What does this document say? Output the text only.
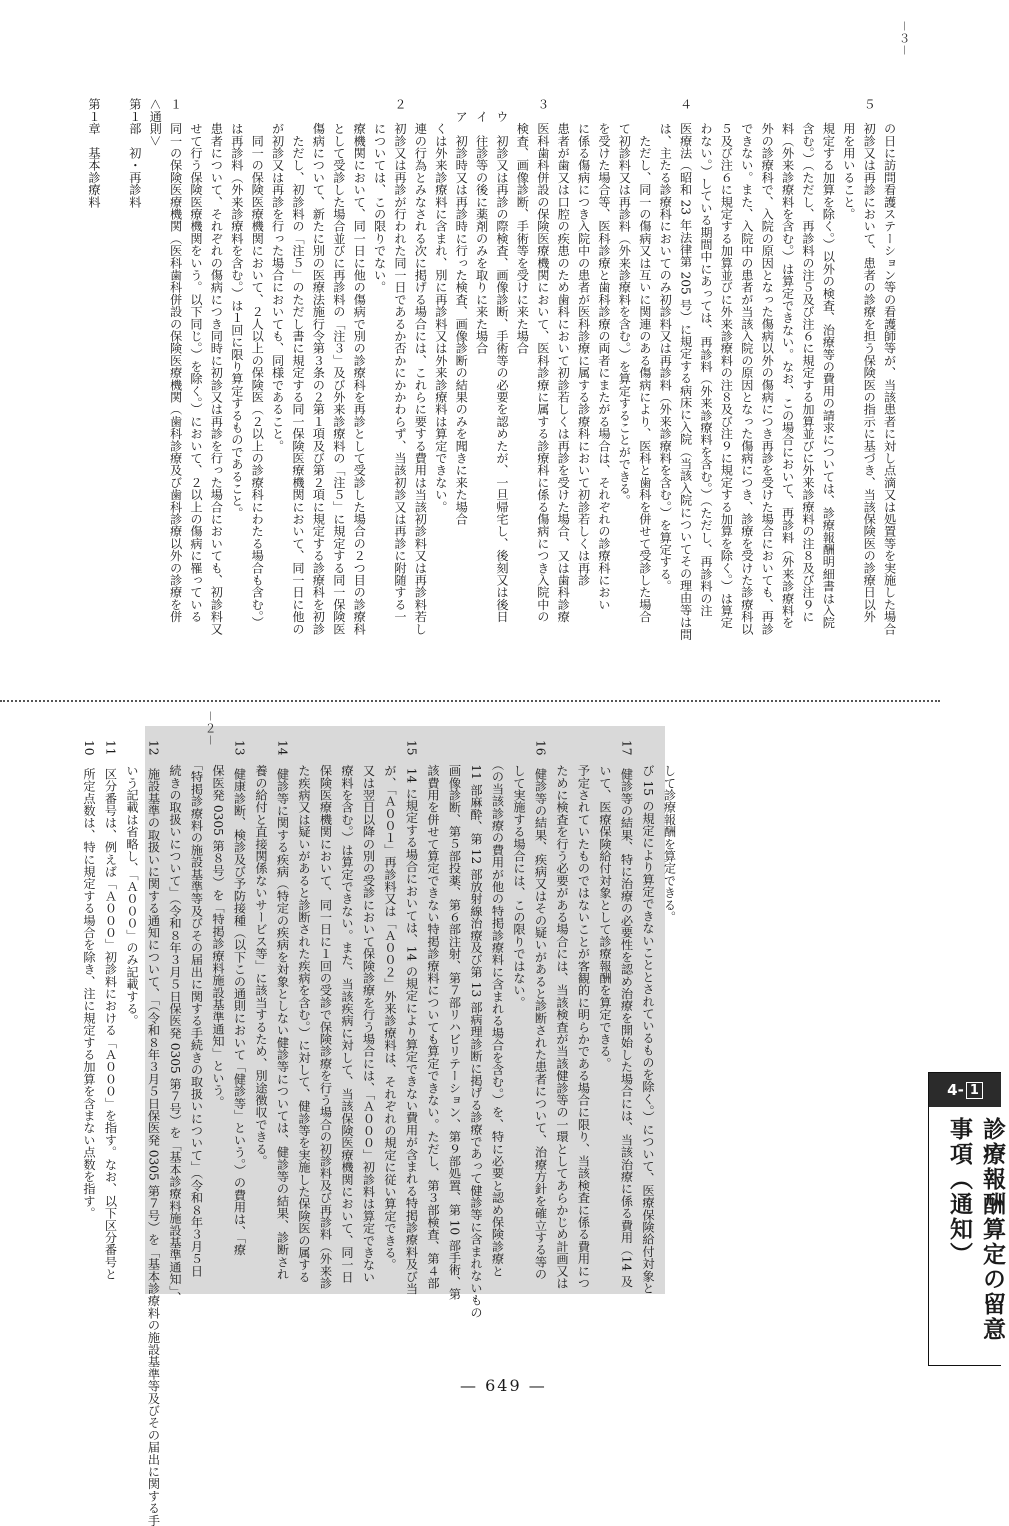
10　所定点数は、特に規定する場合を除き、注に規定する加算を含まない点数を指す。 11　区分番号は、例えば「Ａ０００」初診料における「Ａ０００」を指す。なお、以下区分番号と 　　いう記載は省略し、「Ａ０００」のみ記載する。 12　施設基準の取扱いに関する通知について、「（令和８年３月５日保医発 0305 第７号）を「基本診療料の施設基準等及びその届出に関する手 　　続きの取扱いについて」（令和８年３月５日保医発 0305 第７号）を「基本診療料施設基準通知」、 　　「特掲診療料の施設基準等及びその届出に関する手続きの取扱いについて」（令和８年３月５日 　　保医発 0305 第８号）を「特掲診療料施設基準通知」という。 13　健康診断、検診及び予防接種（以下この通則において「健診等」という。）の費用は、「療 　　養の給付と直接関係ないサービス等」に該当するため、別途徴収できる。 14　健診等に関する疾病（特定の疾病を対象としない健診等については、健診等の結果、診断され 　　た疾病又は疑いがあると診断された疾病を含む。）に対して、健診等を実施した保険医の属する 　　保険医療機関において、同一日に１回の受診で保険診療を行う場合の初診料及び再診料（外来診 　　療料を含む。）は算定できない。また、当該疾病に対して、当該保険医療機関において、同一日 　　又は翌日以降の別の受診において保険診療を行う場合には、「Ａ０００」初診料は算定できない 　　が、「Ａ００１」再診料又は「Ａ００２」外来診療料は、それぞれの規定に従い算定できる。 15　14 に規定する場合においては、14 の規定により算定できない費用が含まれる特掲診療料及び当 　　該費用を併せて算定できない特掲診療料についても算定できない。ただし、第３部検査、第４部 　　画像診断、第５部投薬、第６部注射、第７部リハビリテーション、第９部処置、第 10 部手術、第 　　11 部麻酔、第 12 部放射線治療及び第 13 部病理診断に掲げる診療であって健診等に含まれないもの 　　（の当該診療の費用が他の特掲診療料に含まれる場合を含む。）を、特に必要と認め保険診療と 　　して実施する場合には、この限りではない。 16　健診等の結果、疾病又はその疑いがあると診断された患者について、治療方針を確立する等の 　　ために検査を行う必要がある場合には、当該検査が当該健診等の一環としてあらかじめ計画又は 　　予定されていたものではないことが客観的に明らかである場合に限り、当該検査に係る費用につ 　　いて、医療保険給付対象として診療報酬を算定できる。 17　健診等の結果、特に治療の必要性を認め治療を開始した場合には、当該治療に係る費用（14 及 　　び 15 の規定により算定できないこととされているものを除く。）について、医療保険給付対象と 　　して診療報酬を算定できる。
第１章　基本診療料	第１部　初・再診料 ＜通則＞ １　同一の保険医療機関（医科歯科併設の保険医療機関（歯科診療及び歯科診療以外の診療を併 　　せて行う保険医療機関をいう。以下同じ。）を除く。）において、２以上の傷病に罹っている 　　患者について、それぞれの傷病につき同時に初診又は再診を行った場合においても、初診料又 　　は再診料（外来診療料を含む。）は１回に限り算定するものであること。 　　　同一の保険医療機関において、２人以上の保険医（２以上の診療科にわたる場合も含む。） 　　が初診又は再診を行った場合においても、同様であること。 　　　ただし、初診料の「注５」のただし書に規定する同一保険医療機関において、同一日に他の 　　傷病について、新たに別の医療法施行令第３条の２第１項及び第２項に規定する診療科を初診 　　として受診した場合並びに再診料の「注３」及び外来診療料の「注５」に規定する同一保険医 　　療機関において、同一日に他の傷病で別の診療科を再診として受診した場合の２つ目の診療科 　　については、この限りでない。 ２　初診又は再診が行われた同一日であるか否かにかかわらず、当該初診又は再診に附随する一 　　連の行為とみなされる次に掲げる場合には、これらに要する費用は当該初診料又は再診料若し 　　くは外来診療料に含まれ、別に再診料又は外来診療料は算定できない。 　ア　初診時又は再診時に行った検査、画像診断の結果のみを聞きに来た場合 　イ　往診等の後に薬剤のみを取りに来た場合 　ウ　初診又は再診の際検査、画像診断、手術等の必要を認めたが、一旦帰宅し、後刻又は後日 　　検査、画像診断、手術等を受けに来た場合 ３　医科歯科併設の保険医療機関において、医科診療に属する診療科に係る傷病につき入院中の 　　患者が歯又は口腔の疾患のため歯科において初診若しくは再診を受けた場合、又は歯科診療 　　に係る傷病につき入院中の患者が医科診療に属する診療科において初診若しくは再診 　　を受けた場合等、医科診療と歯科診療の両者にまたがる場合は、それぞれの診療科におい 　　て初診料又は再診料（外来診療料を含む。）を算定することができる。 　　　ただし、同一の傷病又は互いに関連のある傷病により、医科と歯科を併せて受診した場合 　　は、主たる診療科においてのみ初診料又は再診料（外来診療料を含む。）を算定する。 ４　医療法（昭和 23 年法律第 205 号）に規定する病床に入院（当該入院についてその理由等は問 　　わない。）している期間中にあっては、再診料（外来診療料を含む。）（ただし、再診料の注 　　５及び注６に規定する加算並びに外来診療料の注８及び注９に規定する加算を除く。）は算定 　　できない。また、入院中の患者が当該入院の原因となった傷病につき、診療を受けた診療科以 　　外の診療科で、入院の原因となった傷病以外の傷病につき再診を受けた場合においても、再診 　　料（外来診療料を含む。）は算定できない。なお、この場合において、再診料（外来診療料を 　　含む。）（ただし、再診料の注５及び注６に規定する加算並びに外来診療料の注８及び注９に 　　規定する加算を除く。）以外の検査、治療等の費用の請求については、診療報酬明細書は入院 　　用を用いること。 ５　初診又は再診において、患者の診療を担う保険医の指示に基づき、当該保険医の診療日以外 　　の日に訪問看護ステーション等の看護師等が、当該患者に対し点滴又は処置等を実施した場合
－２－
－３－
— 649 —
4- 1
診療報酬算定の留意事項（通知）
